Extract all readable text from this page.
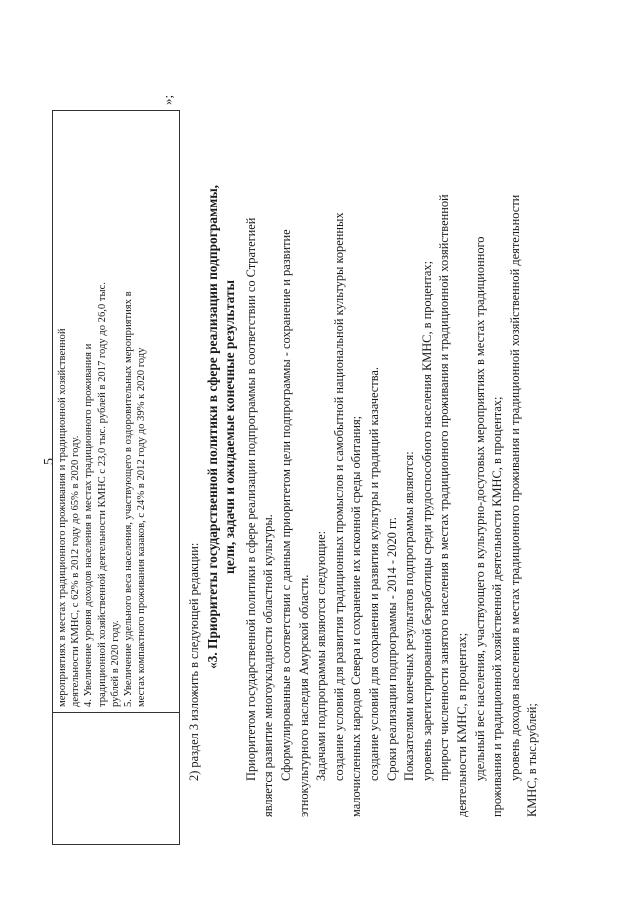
5 мероприятиях в местах традиционного проживания и традиционной хозяйственной деятельности КМНС, с 62% в 2012 году до 65% в 2020 году. 4. Увеличение уровня доходов населения в местах традиционного проживания и традиционной хозяйственной деятельности КМНС с 23,0 тыс. рублей в 2017 году до 26,0 тыс. рублей в 2020 году. 5. Увеличение удельного веса населения, участвующего в оздоровительных мероприятиях в местах компактного проживания казаков, с 24% в 2012 году до 39% к 2020 году
»;

2) раздел 3 изложить в следующей редакции: «3. Приоритеты государственной политики в сфере реализации подпрограммы, цели, задачи и ожидаемые конечные результаты Приоритетом государственной политики в сфере реализации подпрограммы в соответствии со Стратегией является развитие многоукладности областной культуры. Сформулированные в соответствии с данным приоритетом цели подпрограммы - сохранение и развитие этнокультурного наследия Амурской области. Задачами подпрограммы являются следующие: создание условий для развития традиционных промыслов и самобытной национальной культуры коренных малочисленных народов Севера и сохранение их исконной среды обитания; создание условий для сохранения и развития культуры и традиций казачества. Сроки реализации подпрограммы - 2014 - 2020 гг. Показателями конечных результатов подпрограммы являются: уровень зарегистрированной безработицы среди трудоспособного населения КМНС, в процентах; прирост численности занятого населения в местах традиционного проживания и традиционной хозяйственной деятельности КМНС, в процентах; удельный вес населения, участвующего в культурно-досуговых мероприятиях в местах традиционного проживания и традиционной хозяйственной деятельности КМНС, в процентах; уровень доходов населения в местах традиционного проживания и традиционной хозяйственной деятельности КМНС, в тыс.рублей;
